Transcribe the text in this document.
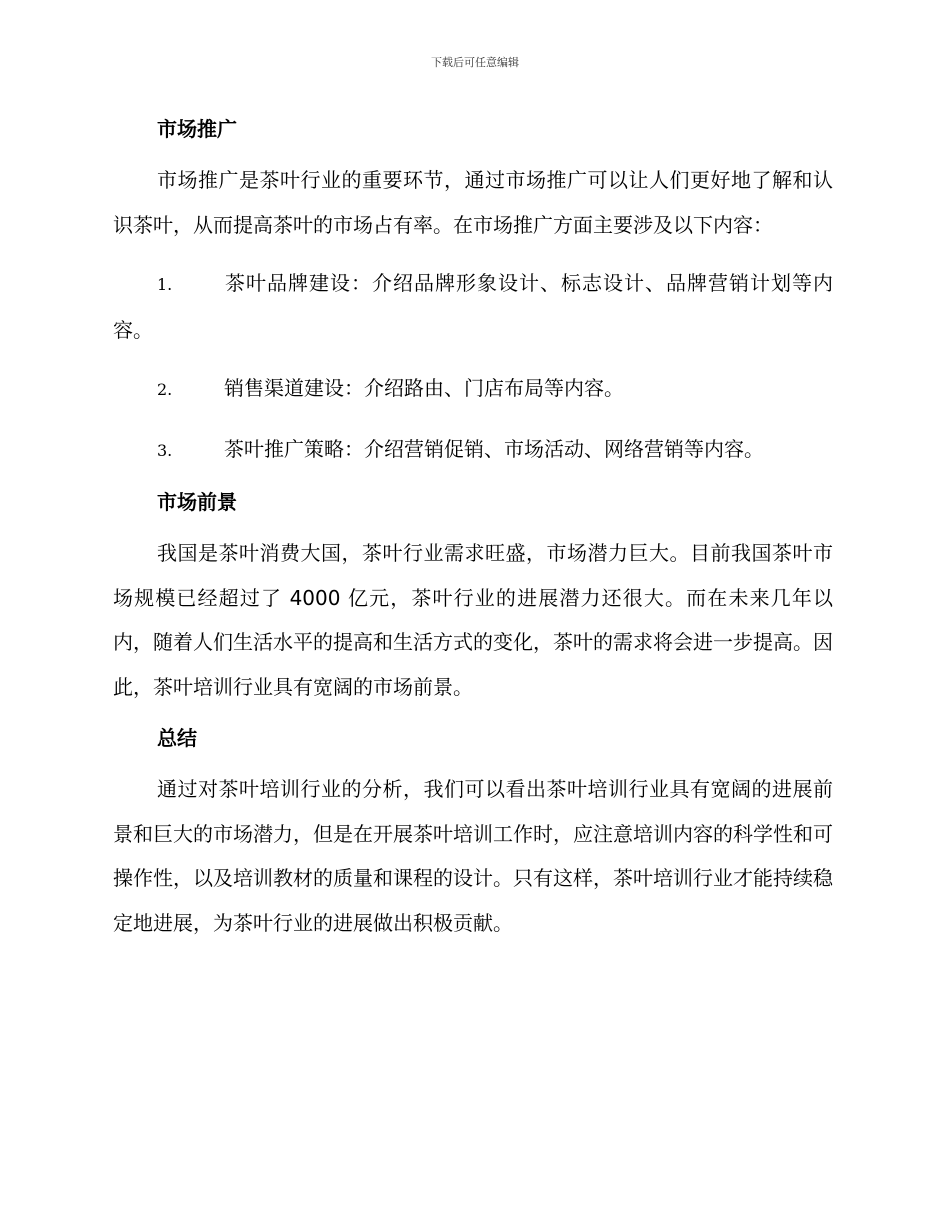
下载后可任意编辑
市场推广

市场推广是茶叶行业的重要环节，通过市场推广可以让人们更好地了解和认识茶叶，从而提高茶叶的市场占有率。在市场推广方面主要涉及以下内容：

1.	茶叶品牌建设：介绍品牌形象设计、标志设计、品牌营销计划等内容。

2.	销售渠道建设：介绍路由、门店布局等内容。

3.	茶叶推广策略：介绍营销促销、市场活动、网络营销等内容。

市场前景

我国是茶叶消费大国，茶叶行业需求旺盛，市场潜力巨大。目前我国茶叶市场规模已经超过了 4000 亿元，茶叶行业的进展潜力还很大。而在未来几年以内，随着人们生活水平的提高和生活方式的变化，茶叶的需求将会进一步提高。因此，茶叶培训行业具有宽阔的市场前景。

总结

通过对茶叶培训行业的分析，我们可以看出茶叶培训行业具有宽阔的进展前景和巨大的市场潜力，但是在开展茶叶培训工作时，应注意培训内容的科学性和可操作性，以及培训教材的质量和课程的设计。只有这样，茶叶培训行业才能持续稳定地进展，为茶叶行业的进展做出积极贡献。
